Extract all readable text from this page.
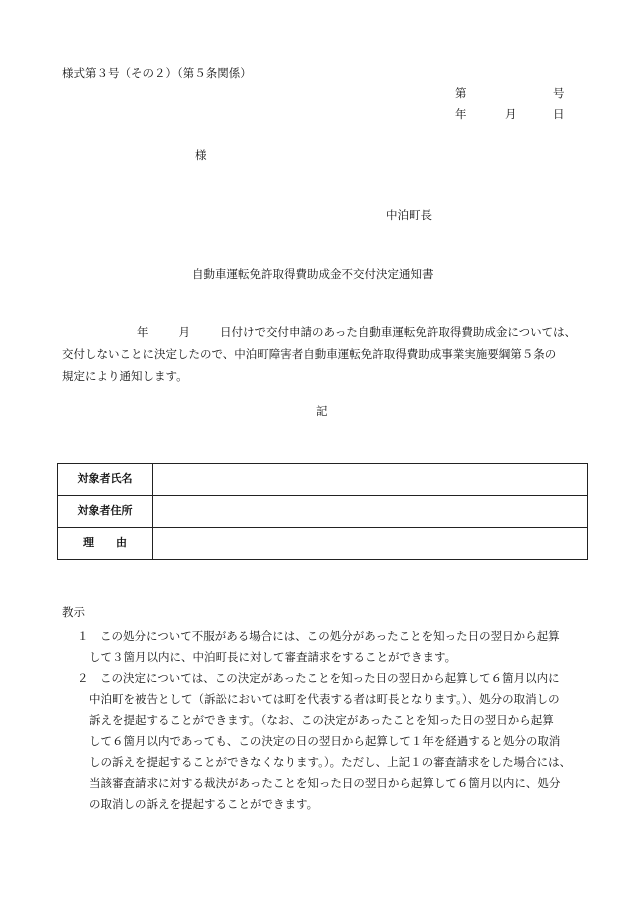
様式第３号（その２）（第５条関係）
第	号
年	月	日
様
中泊町長
自動車運転免許取得費助成金不交付決定通知書
年	月	日付けで交付申請のあった自動車運転免許取得費助成金については、
交付しないことに決定したので、中泊町障害者自動車運転免許取得費助成事業実施要綱第５条の
規定により通知します。
記
対象者氏名	
対象者住所	
理　　由	
教示
１	この処分について不服がある場合には、この処分があったことを知った日の翌日から起算
して３箇月以内に、中泊町長に対して審査請求をすることができます。
２	この決定については、この決定があったことを知った日の翌日から起算して６箇月以内に
中泊町を被告として（訴訟においては町を代表する者は町長となります。）、処分の取消しの
訴えを提起することができます。（なお、この決定があったことを知った日の翌日から起算
して６箇月以内であっても、この決定の日の翌日から起算して１年を経過すると処分の取消
しの訴えを提起することができなくなります。）。ただし、上記１の審査請求をした場合には、
当該審査請求に対する裁決があったことを知った日の翌日から起算して６箇月以内に、処分
の取消しの訴えを提起することができます。
